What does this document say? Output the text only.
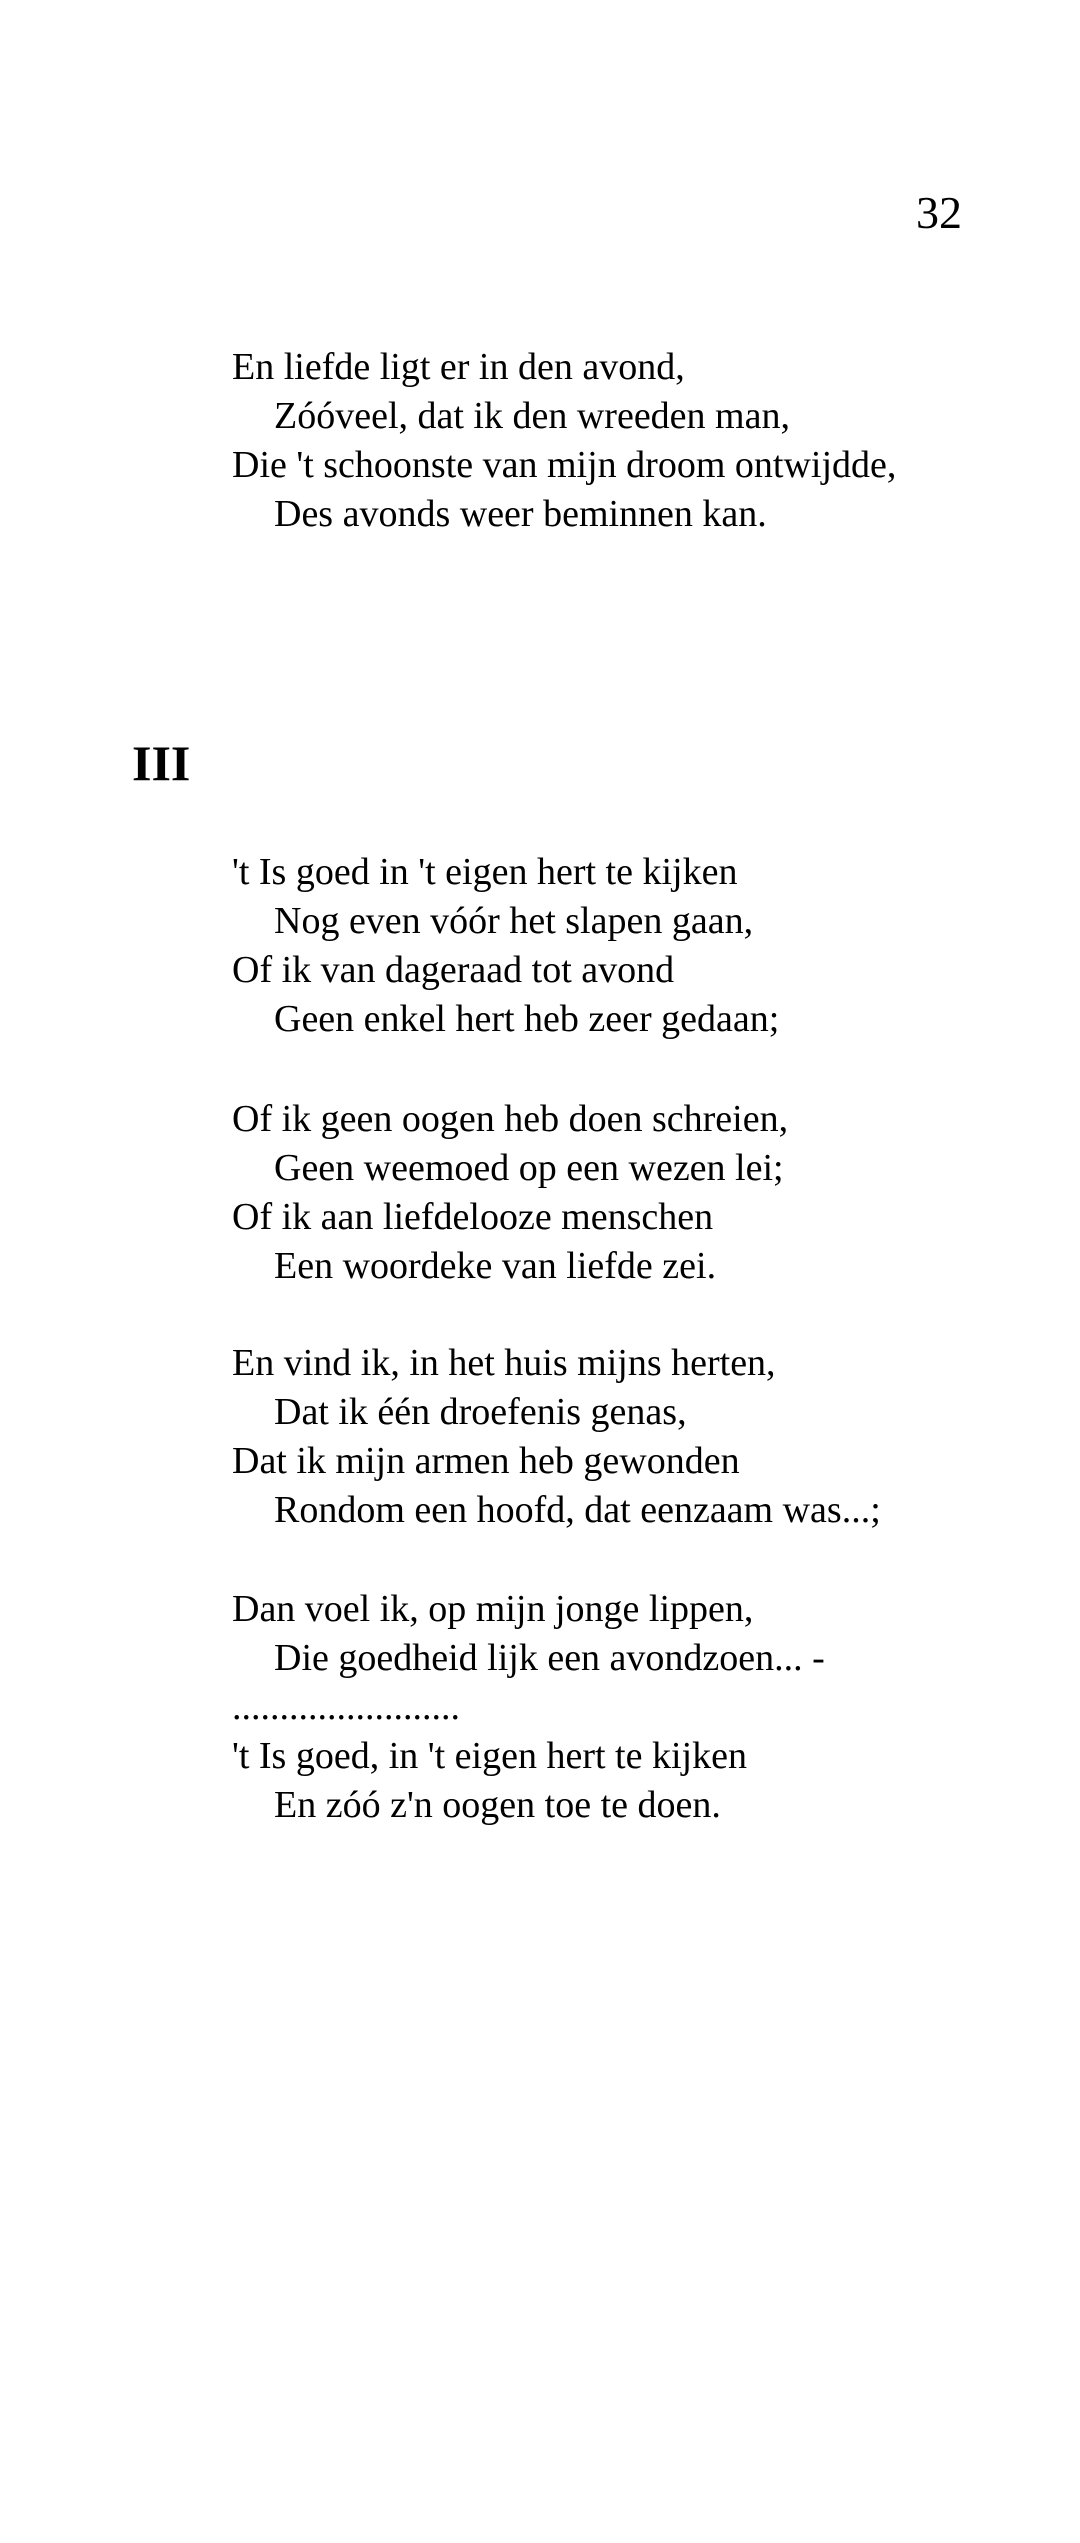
32
En liefde ligt er in den avond,
Zóóveel, dat ik den wreeden man,
Die 't schoonste van mijn droom ontwijdde,
Des avonds weer beminnen kan.
III
't Is goed in 't eigen hert te kijken
Nog even vóór het slapen gaan,
Of ik van dageraad tot avond
Geen enkel hert heb zeer gedaan;
Of ik geen oogen heb doen schreien,
Geen weemoed op een wezen lei;
Of ik aan liefdelooze menschen
Een woordeke van liefde zei.
En vind ik, in het huis mijns herten,
Dat ik één droefenis genas,
Dat ik mijn armen heb gewonden
Rondom een hoofd, dat eenzaam was...;
Dan voel ik, op mijn jonge lippen,
Die goedheid lijk een avondzoen... -
........................
't Is goed, in 't eigen hert te kijken
En zóó z'n oogen toe te doen.
